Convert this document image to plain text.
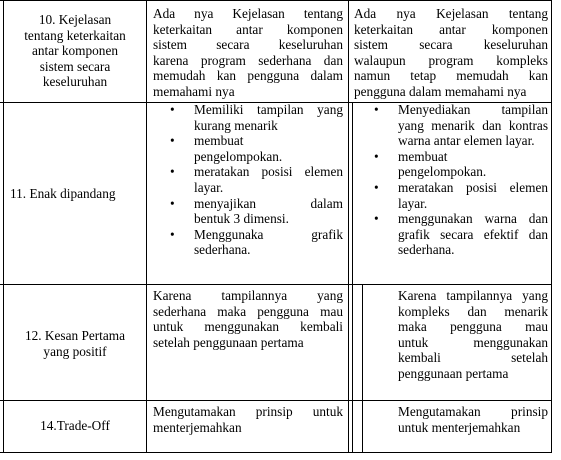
10. Kejelasan
tentang keterkaitan
antar komponen
sistem secara
keseluruhan
Ada nya Kejelasan tentang
keterkaitan antar komponen
sistem secara keseluruhan
karena program sederhana dan
memudah kan pengguna dalam
memahami nya
Ada nya Kejelasan tentang
keterkaitan antar komponen
sistem secara keseluruhan
walaupun program kompleks
namun tetap memudah kan
pengguna dalam memahami nya
11. Enak dipandang
• Memiliki tampilan yang
kurang menarik
• membuat
pengelompokan.
• meratakan posisi elemen
layar.
• menyajikan dalam
bentuk 3 dimensi.
• Menggunaka grafik
sederhana.
• Menyediakan tampilan
yang menarik dan kontras
warna antar elemen layar.
• membuat
pengelompokan.
• meratakan posisi elemen
layar.
• menggunakan warna dan
grafik secara efektif dan
sederhana.
12. Kesan Pertama
yang positif
Karena tampilannya yang
sederhana maka pengguna mau
untuk menggunakan kembali
setelah penggunaan pertama
Karena tampilannya yang
kompleks dan menarik
maka pengguna mau
untuk menggunakan
kembali setelah
penggunaan pertama
14.Trade-Off
Mengutamakan prinsip untuk
menterjemahkan
Mengutamakan prinsip
untuk menterjemahkan
